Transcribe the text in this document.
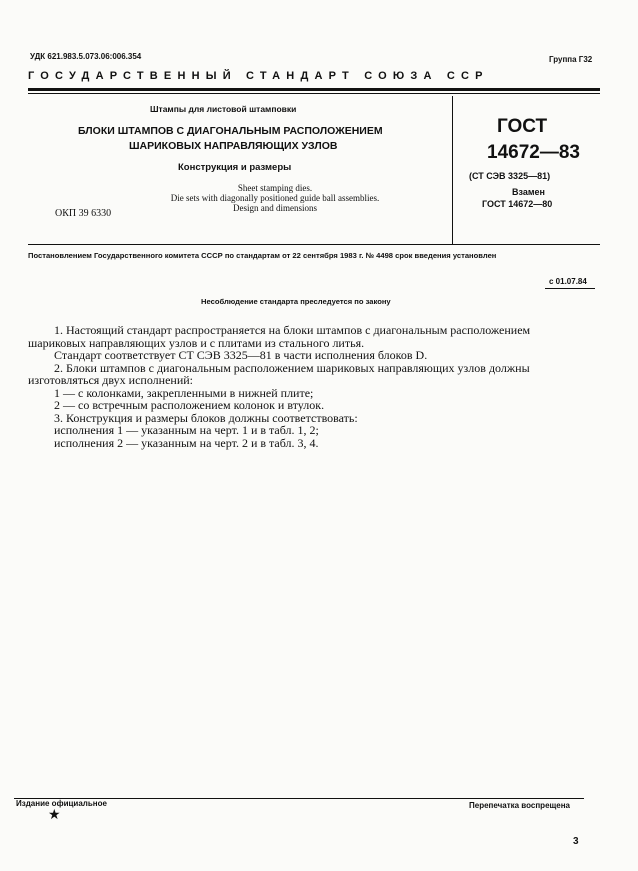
УДК 621.983.5.073.06:006.354	Группа Г32
ГОСУДАРСТВЕННЫЙ СТАНДАРТ СОЮЗА ССР
Штампы для листовой штамповки
БЛОКИ ШТАМПОВ С ДИАГОНАЛЬНЫМ РАСПОЛОЖЕНИЕМ
ШАРИКОВЫХ НАПРАВЛЯЮЩИХ УЗЛОВ
Конструкция и размеры
Sheet stamping dies.
Die sets with diagonally positioned guide ball assemblies.
Design and dimensions
ОКП 39 6330
ГОСТ
14672—83
(СТ СЭВ 3325—81)
Взамен
ГОСТ 14672—80
Постановлением Государственного комитета СССР по стандартам от 22 сентября 1983 г. № 4498 срок введения установлен
с 01.07.84
Несоблюдение стандарта преследуется по закону
1. Настоящий стандарт распространяется на блоки штампов с диагональным расположением
шариковых направляющих узлов и с плитами из стального литья.
Стандарт соответствует СТ СЭВ 3325—81 в части исполнения блоков D.
2. Блоки штампов с диагональным расположением шариковых направляющих узлов должны
изготовляться двух исполнений:
1 — с колонками, закрепленными в нижней плите;
2 — со встречным расположением колонок и втулок.
3. Конструкция и размеры блоков должны соответствовать:
исполнения 1 — указанным на черт. 1 и в табл. 1, 2;
исполнения 2 — указанным на черт. 2 и в табл. 3, 4.
Издание официальное
★
Перепечатка воспрещена
3
